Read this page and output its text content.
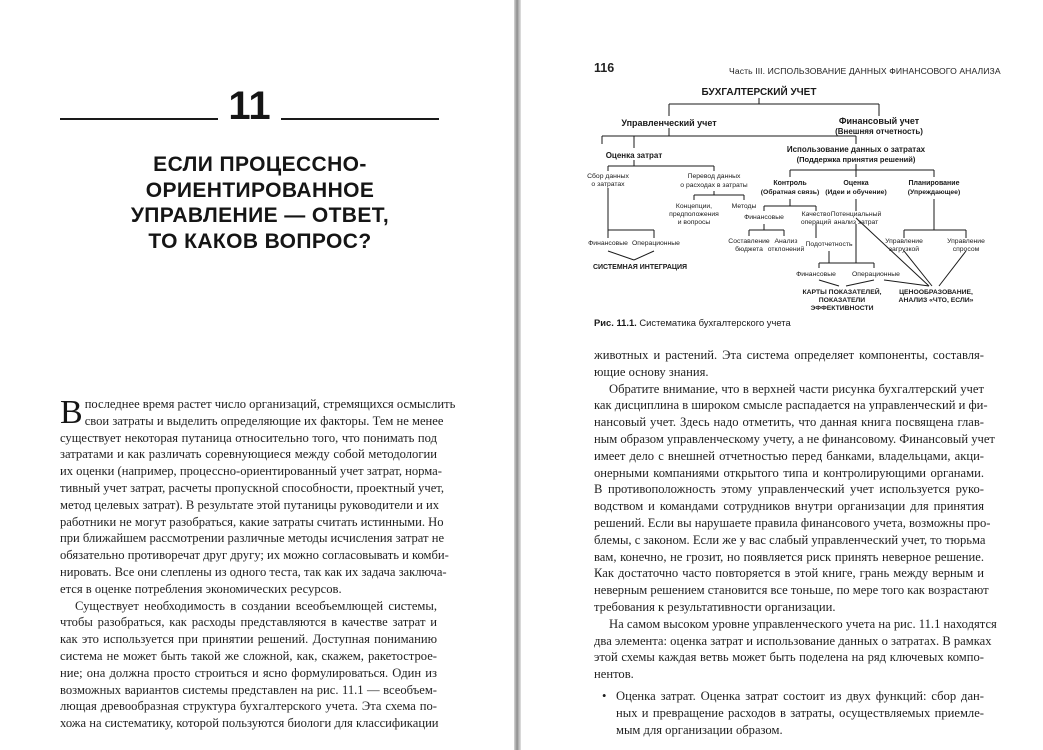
11
ЕСЛИ ПРОЦЕССНО-
ОРИЕНТИРОВАННОЕ
УПРАВЛЕНИЕ — ОТВЕТ,
ТО КАКОВ ВОПРОС?
В последнее время растет число организаций, стремящихся осмыслить
свои затраты и выделить определяющие их факторы. Тем не менее
существует некоторая путаница относительно того, что понимать под
затратами и как различать соревнующиеся между собой методологии
их оценки (например, процессно-ориентированный учет затрат, норма-
тивный учет затрат, расчеты пропускной способности, проектный учет,
метод целевых затрат). В результате этой путаницы руководители и их
работники не могут разобраться, какие затраты считать истинными. Но
при ближайшем рассмотрении различные методы исчисления затрат не
обязательно противоречат друг другу; их можно согласовывать и комби-
нировать. Все они слеплены из одного теста, так как их задача заключа-
ется в оценке потребления экономических ресурсов.
Существует необходимость в создании всеобъемлющей системы,
чтобы разобраться, как расходы представляются в качестве затрат и
как это используется при принятии решений. Доступная пониманию
система не может быть такой же сложной, как, скажем, ракетострое-
ние; она должна просто строиться и ясно формулироваться. Один из
возможных вариантов системы представлен на рис. 11.1 — всеобъем-
лющая древообразная структура бухгалтерского учета. Эта схема по-
хожа на систематику, которой пользуются биологи для классификации
116	Часть III. ИСПОЛЬЗОВАНИЕ ДАННЫХ ФИНАНСОВОГО АНАЛИЗА
БУХГАЛТЕРСКИЙ УЧЕТ
Управленческий учет	Финансовый учет
(Внешняя отчетность)
Оценка затрат
Использование данных о затратах
(Поддержка принятия решений)
Сбор данных
о затратах
Перевод данных
о расходах в затраты
Концепции,
предположения
и вопросы
Методы
Контроль
(Обратная связь)
Оценка
(Идеи и обучение)
Планирование
(Упреждающее)
Финансовые Операционные
СИСТЕМНАЯ ИНТЕГРАЦИЯ
Финансовые	Качество
операций
Потенциальный
анализ затрат
Составление
бюджета
Анализ
отклонений
Подотчетность	Управление
загрузкой
Управление
спросом
Финансовые Операционные
КАРТЫ ПОКАЗАТЕЛЕЙ,
ПОКАЗАТЕЛИ
ЭФФЕКТИВНОСТИ
ЦЕНООБРАЗОВАНИЕ,
АНАЛИЗ «ЧТО, ЕСЛИ»
Рис. 11.1. Систематика бухгалтерского учета
животных и растений. Эта система определяет компоненты, составля-
ющие основу знания.
Обратите внимание, что в верхней части рисунка бухгалтерский учет
как дисциплина в широком смысле распадается на управленческий и фи-
нансовый учет. Здесь надо отметить, что данная книга посвящена глав-
ным образом управленческому учету, а не финансовому. Финансовый учет
имеет дело с внешней отчетностью перед банками, владельцами, акци-
онерными компаниями открытого типа и контролирующими органами.
В противоположность этому управленческий учет используется руко-
водством и командами сотрудников внутри организации для принятия
решений. Если вы нарушаете правила финансового учета, возможны про-
блемы, с законом. Если же у вас слабый управленческий учет, то тюрьма
вам, конечно, не грозит, но появляется риск принять неверное решение.
Как достаточно часто повторяется в этой книге, грань между верным и
неверным решением становится все тоньше, по мере того как возрастают
требования к результативности организации.
На самом высоком уровне управленческого учета на рис. 11.1 находятся
два элемента: оценка затрат и использование данных о затратах. В рамках
этой схемы каждая ветвь может быть поделена на ряд ключевых компо-
нентов.
• Оценка затрат. Оценка затрат состоит из двух функций: сбор дан-
ных и превращение расходов в затраты, осуществляемых приемле-
мым для организации образом.
